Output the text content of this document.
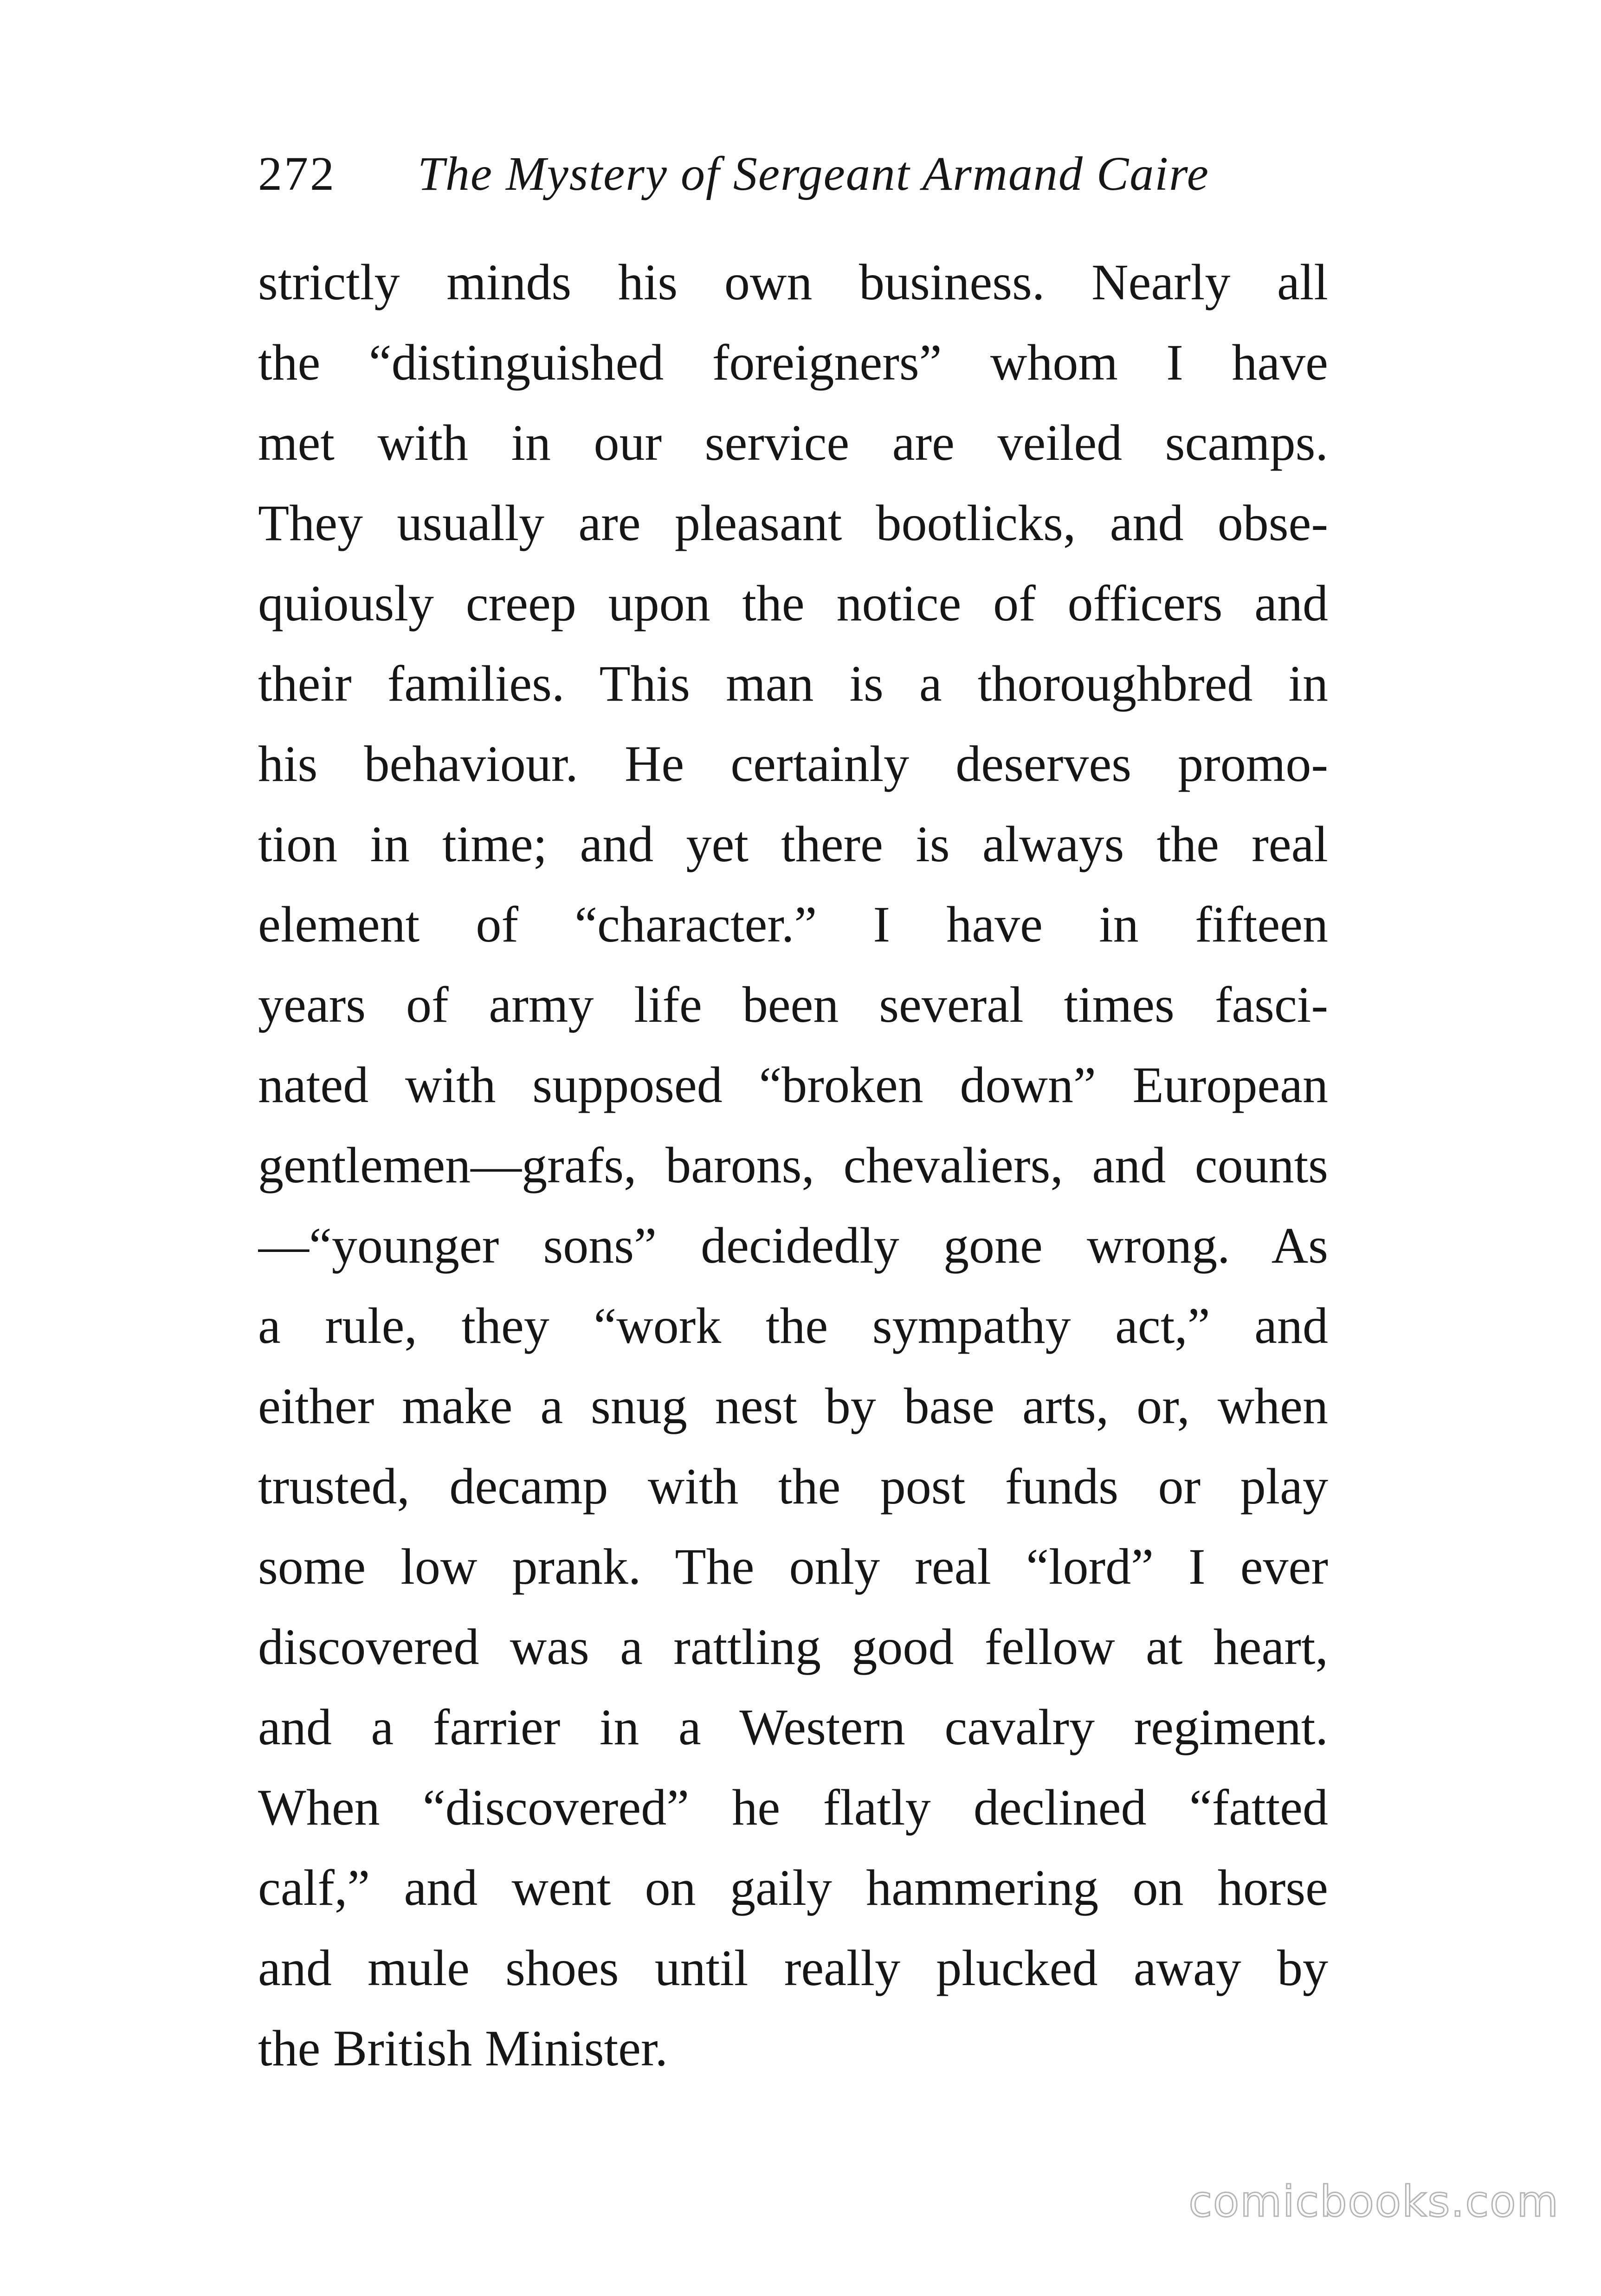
272 The Mystery of Sergeant Armand Caire
strictly minds his own business. Nearly all
the “distinguished foreigners” whom I have
met with in our service are veiled scamps.
They usually are pleasant bootlicks, and obse-
quiously creep upon the notice of officers and
their families. This man is a thoroughbred in
his behaviour. He certainly deserves promo-
tion in time; and yet there is always the real
element of “character.” I have in fifteen
years of army life been several times fasci-
nated with supposed “broken down” European
gentlemen—grafs, barons, chevaliers, and counts
—“younger sons” decidedly gone wrong. As
a rule, they “work the sympathy act,” and
either make a snug nest by base arts, or, when
trusted, decamp with the post funds or play
some low prank. The only real “lord” I ever
discovered was a rattling good fellow at heart,
and a farrier in a Western cavalry regiment.
When “discovered” he flatly declined “fatted
calf,” and went on gaily hammering on horse
and mule shoes until really plucked away by
the British Minister.
comicbooks.com
